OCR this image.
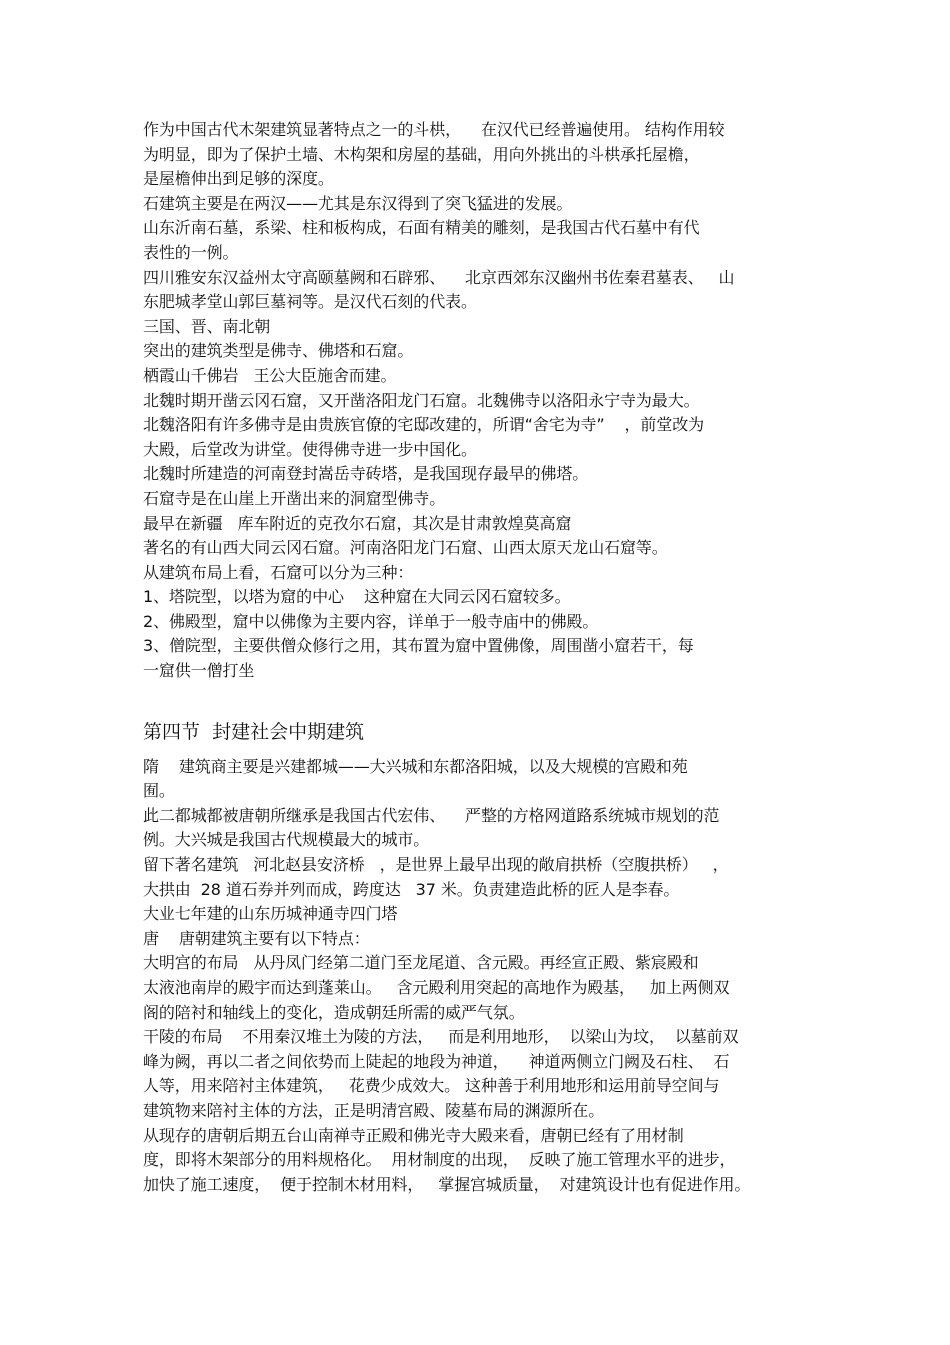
作为中国古代木架建筑显著特点之一的斗栱，    在汉代已经普遍使用。 结构作用较
为明显，即为了保护土墙、木构架和房屋的基础，用向外挑出的斗栱承托屋檐，
是屋檐伸出到足够的深度。
石建筑主要是在两汉——尤其是东汉得到了突飞猛进的发展。
山东沂南石墓，系梁、柱和板构成，石面有精美的雕刻，是我国古代石墓中有代
表性的一例。
四川雅安东汉益州太守高颐墓阙和石辟邪、    北京西郊东汉幽州书佐秦君墓表、   山
东肥城孝堂山郭巨墓祠等。是汉代石刻的代表。
三国、晋、南北朝
突出的建筑类型是佛寺、佛塔和石窟。
栖霞山千佛岩   王公大臣施舍而建。
北魏时期开凿云冈石窟，又开凿洛阳龙门石窟。北魏佛寺以洛阳永宁寺为最大。
北魏洛阳有许多佛寺是由贵族官僚的宅邸改建的，所谓“舍宅为寺”    ，前堂改为
大殿，后堂改为讲堂。使得佛寺进一步中国化。
北魏时所建造的河南登封嵩岳寺砖塔，是我国现存最早的佛塔。
石窟寺是在山崖上开凿出来的洞窟型佛寺。
最早在新疆   库车附近的克孜尔石窟，其次是甘肃敦煌莫高窟
著名的有山西大同云冈石窟。河南洛阳龙门石窟、山西太原天龙山石窟等。
从建筑布局上看，石窟可以分为三种：
1、塔院型，以塔为窟的中心    这种窟在大同云冈石窟较多。
2、佛殿型，窟中以佛像为主要内容，详单于一般寺庙中的佛殿。
3、僧院型，主要供僧众修行之用，其布置为窟中置佛像，周围凿小窟若干，每
一窟供一僧打坐
第四节  封建社会中期建筑
隋    建筑商主要是兴建都城——大兴城和东都洛阳城，以及大规模的宫殿和苑
囿。
此二都城都被唐朝所继承是我国古代宏伟、    严整的方格网道路系统城市规划的范
例。大兴城是我国古代规模最大的城市。
留下著名建筑   河北赵县安济桥   ，是世界上最早出现的敞肩拱桥（空腹拱桥）   ，
大拱由  28 道石券并列而成，跨度达   37 米。负责建造此桥的匠人是李春。
大业七年建的山东历城神通寺四门塔
唐    唐朝建筑主要有以下特点：
大明宫的布局   从丹凤门经第二道门至龙尾道、含元殿。再经宣正殿、紫宸殿和
太液池南岸的殿宇而达到蓬莱山。   含元殿利用突起的高地作为殿基，   加上两侧双
阁的陪衬和轴线上的变化，造成朝廷所需的威严气氛。
干陵的布局    不用秦汉堆土为陵的方法，   而是利用地形，  以梁山为坟，  以墓前双
峰为阙，再以二者之间依势而上陡起的地段为神道，    神道两侧立门阙及石柱、  石
人等，用来陪衬主体建筑，   花费少成效大。 这种善于利用地形和运用前导空间与
建筑物来陪衬主体的方法，正是明清宫殿、陵墓布局的渊源所在。
从现存的唐朝后期五台山南禅寺正殿和佛光寺大殿来看，唐朝已经有了用材制
度，即将木架部分的用料规格化。  用材制度的出现，  反映了施工管理水平的进步，
加快了施工速度，  便于控制木材用料，   掌握宫城质量，  对建筑设计也有促进作用。
